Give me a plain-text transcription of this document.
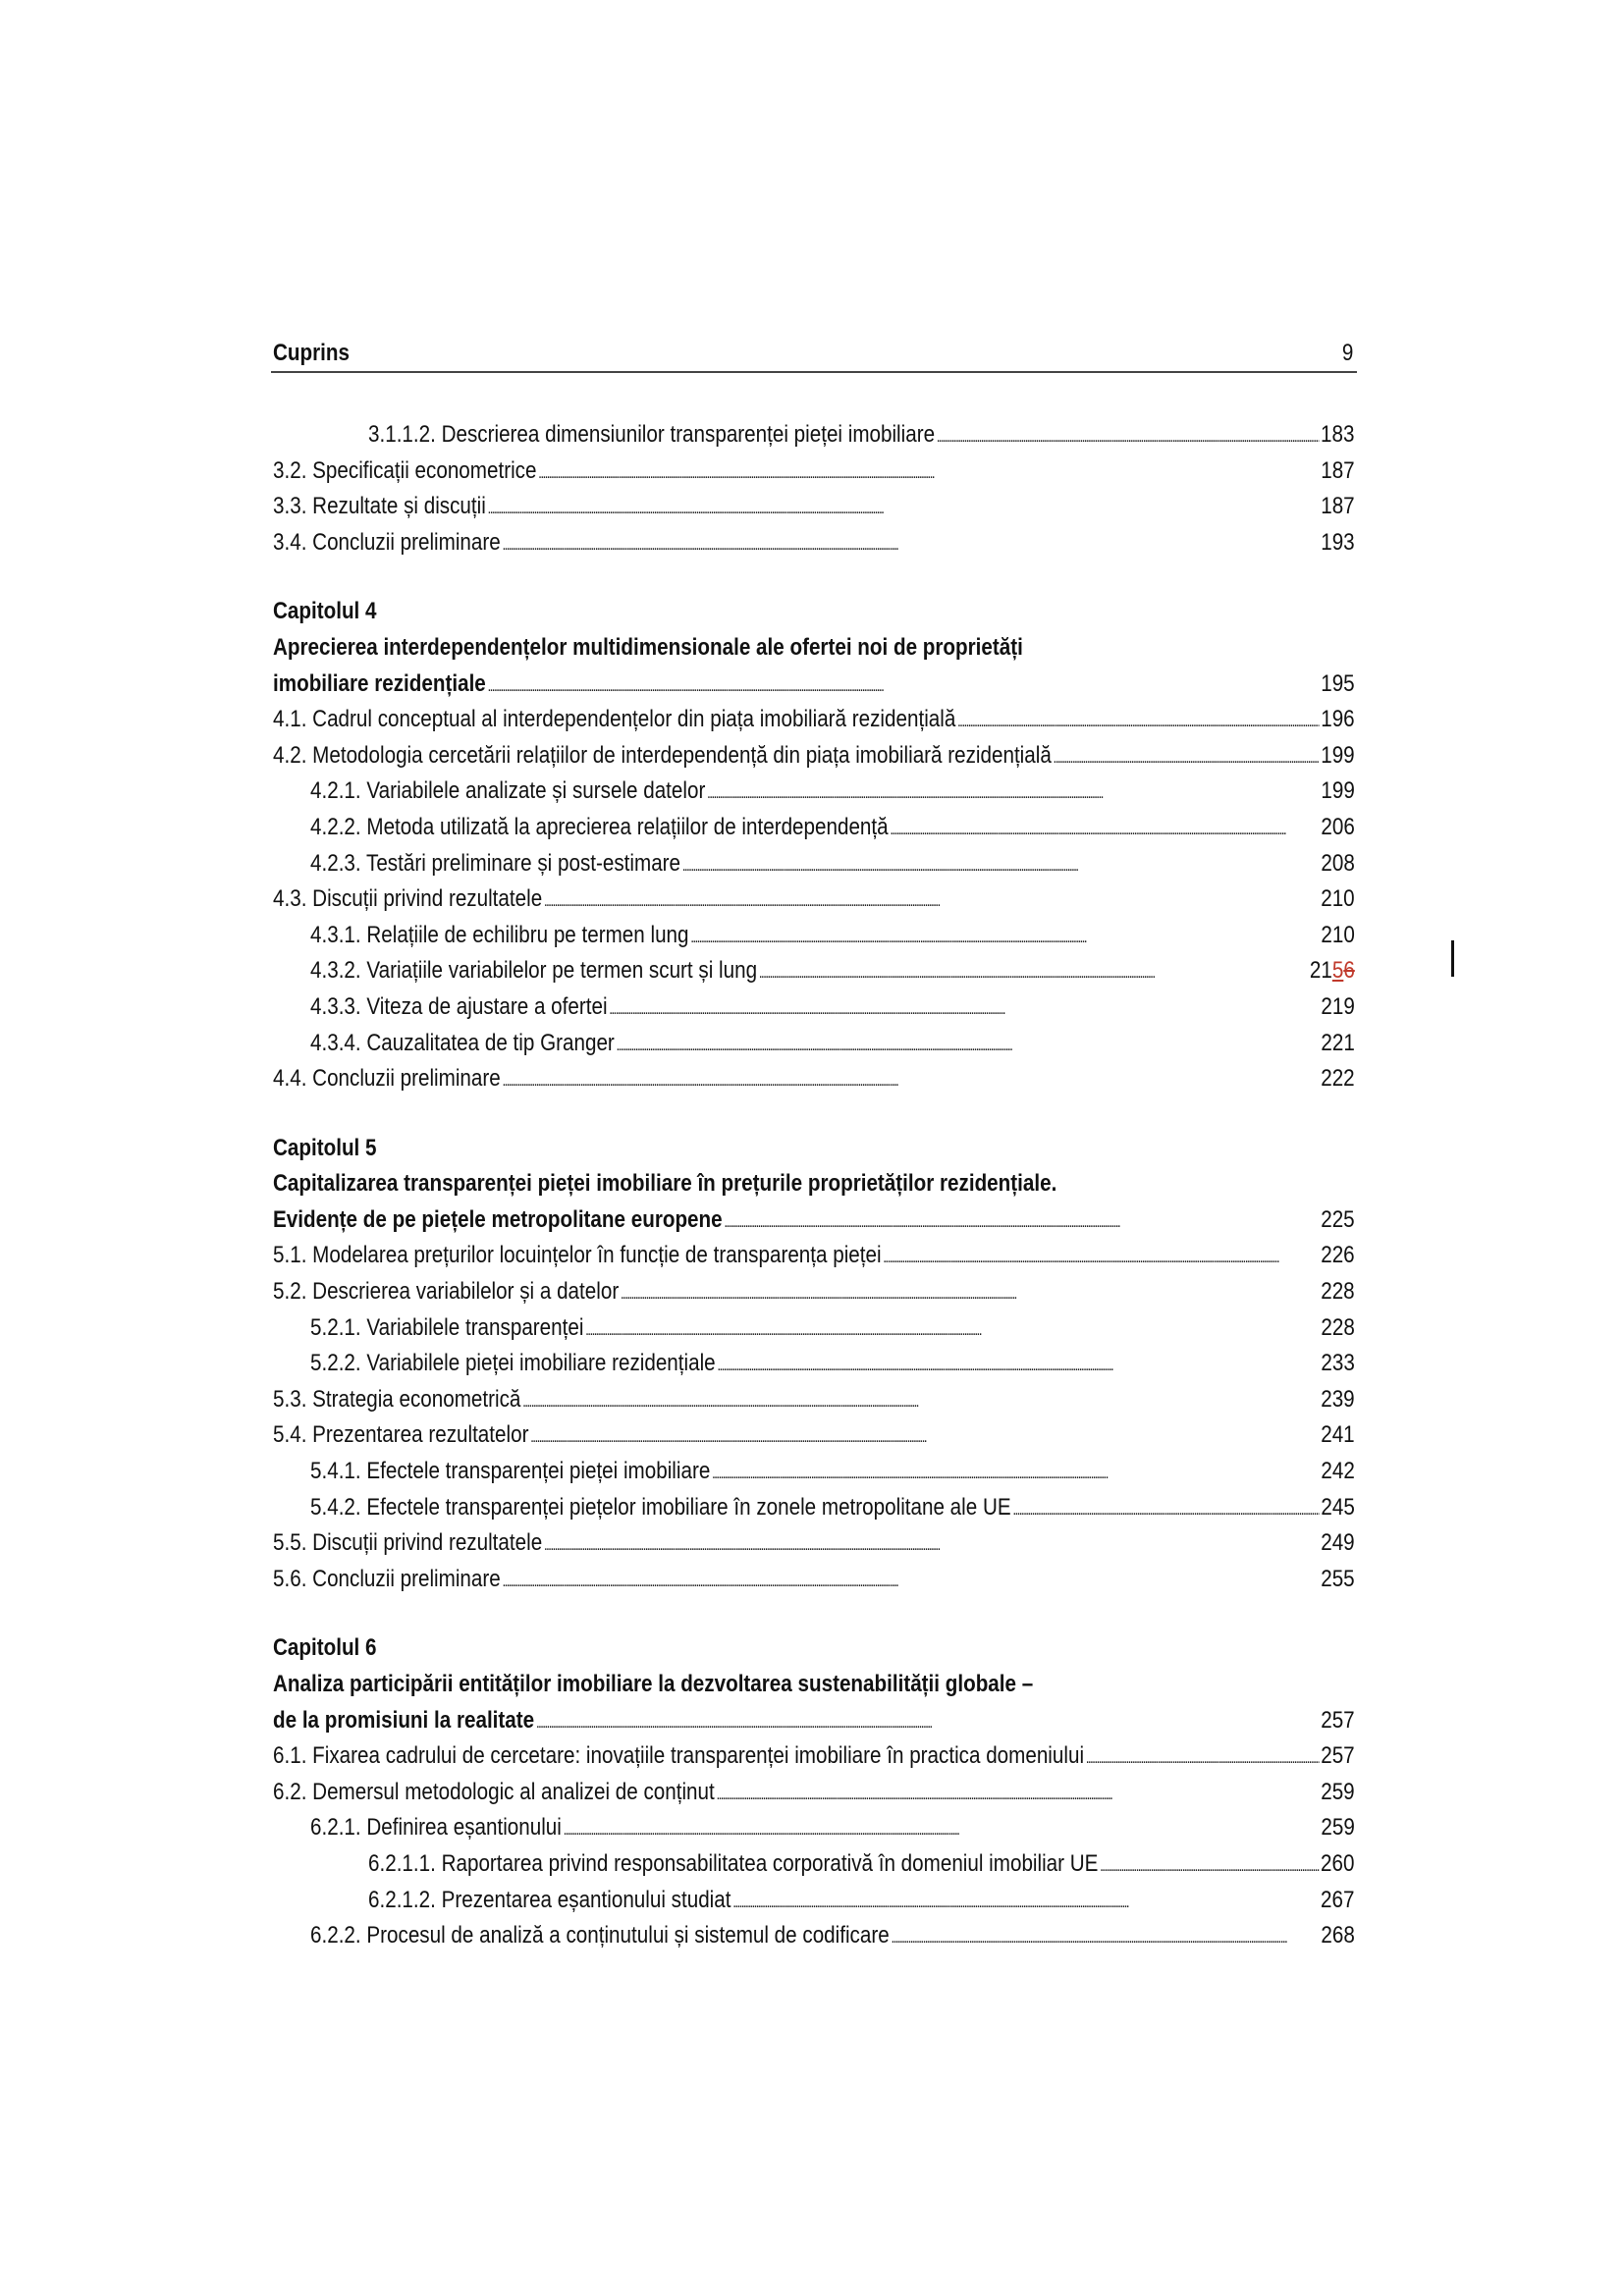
Cuprins	9
3.1.1.2. Descrierea dimensiunilor transparenței pieței imobiliare . . .	183
3.2. Specificații econometrice . . .	187
3.3. Rezultate și discuții . . .	187
3.4. Concluzii preliminare . . .	193
Capitolul 4
Aprecierea interdependențelor multidimensionale ale ofertei noi de proprietăți
imobiliare rezidențiale . . .	195
4.1. Cadrul conceptual al interdependențelor din piața imobiliară rezidențială . . .	196
4.2. Metodologia cercetării relațiilor de interdependență din piața imobiliară rezidențială . . .	199
4.2.1. Variabilele analizate și sursele datelor . . .	199
4.2.2. Metoda utilizată la aprecierea relațiilor de interdependență . . .	206
4.2.3. Testări preliminare și post-estimare . . .	208
4.3. Discuții privind rezultatele . . .	210
4.3.1. Relațiile de echilibru pe termen lung . . .	210
4.3.2. Variațiile variabilelor pe termen scurt și lung . . .	2156
4.3.3. Viteza de ajustare a ofertei . . .	219
4.3.4. Cauzalitatea de tip Granger . . .	221
4.4. Concluzii preliminare . . .	222
Capitolul 5
Capitalizarea transparenței pieței imobiliare în prețurile proprietăților rezidențiale.
Evidențe de pe piețele metropolitane europene . . .	225
5.1. Modelarea prețurilor locuințelor în funcție de transparența pieței . . .	226
5.2. Descrierea variabilelor și a datelor . . .	228
5.2.1. Variabilele transparenței . . .	228
5.2.2. Variabilele pieței imobiliare rezidențiale . . .	233
5.3. Strategia econometrică . . .	239
5.4. Prezentarea rezultatelor . . .	241
5.4.1. Efectele transparenței pieței imobiliare . . .	242
5.4.2. Efectele transparenței piețelor imobiliare în zonele metropolitane ale UE . . .	245
5.5. Discuții privind rezultatele . . .	249
5.6. Concluzii preliminare . . .	255
Capitolul 6
Analiza participării entităților imobiliare la dezvoltarea sustenabilității globale –
de la promisiuni la realitate . . .	257
6.1. Fixarea cadrului de cercetare: inovațiile transparenței imobiliare în practica domeniului . . .	257
6.2. Demersul metodologic al analizei de conținut . . .	259
6.2.1. Definirea eșantionului . . .	259
6.2.1.1. Raportarea privind responsabilitatea corporativă în domeniul imobiliar UE . . .	260
6.2.1.2. Prezentarea eșantionului studiat . . .	267
6.2.2. Procesul de analiză a conținutului și sistemul de codificare . . .	268
